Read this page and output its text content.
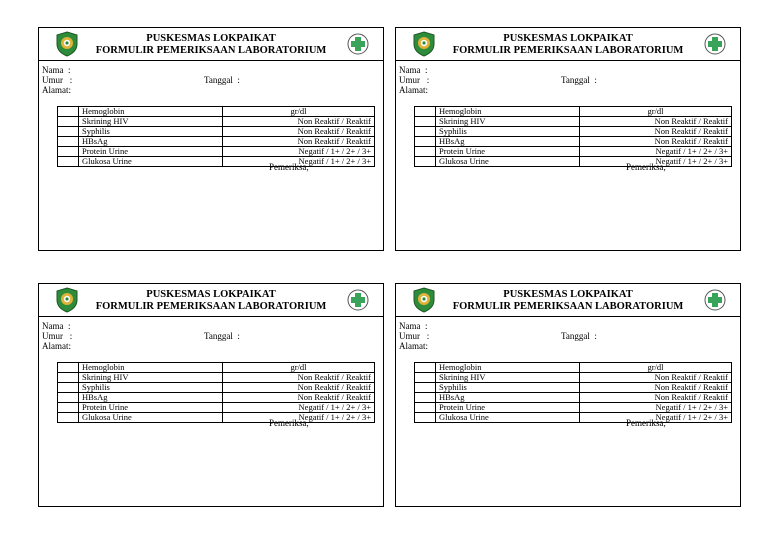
PUSKESMAS LOKPAIKAT
FORMULIR PEMERIKSAAN LABORATORIUM
Nama  :
Umur   :	Tanggal  :
Alamat:
	Hemoglobin	gr/dl
	Skrining HIV	Non Reaktif / Reaktif
	Syphilis	Non Reaktif / Reaktif
	HBsAg	Non Reaktif / Reaktif
	Protein Urine	Negatif / 1+ / 2+ / 3+
	Glukosa Urine	Negatif / 1+ / 2+ / 3+
Pemeriksa,
PUSKESMAS LOKPAIKAT
FORMULIR PEMERIKSAAN LABORATORIUM
Nama  :
Umur   :	Tanggal  :
Alamat:
	Hemoglobin	gr/dl
	Skrining HIV	Non Reaktif / Reaktif
	Syphilis	Non Reaktif / Reaktif
	HBsAg	Non Reaktif / Reaktif
	Protein Urine	Negatif / 1+ / 2+ / 3+
	Glukosa Urine	Negatif / 1+ / 2+ / 3+
Pemeriksa,
PUSKESMAS LOKPAIKAT
FORMULIR PEMERIKSAAN LABORATORIUM
Nama  :
Umur   :	Tanggal  :
Alamat:
	Hemoglobin	gr/dl
	Skrining HIV	Non Reaktif / Reaktif
	Syphilis	Non Reaktif / Reaktif
	HBsAg	Non Reaktif / Reaktif
	Protein Urine	Negatif / 1+ / 2+ / 3+
	Glukosa Urine	Negatif / 1+ / 2+ / 3+
Pemeriksa,
PUSKESMAS LOKPAIKAT
FORMULIR PEMERIKSAAN LABORATORIUM
Nama  :
Umur   :	Tanggal  :
Alamat:
	Hemoglobin	gr/dl
	Skrining HIV	Non Reaktif / Reaktif
	Syphilis	Non Reaktif / Reaktif
	HBsAg	Non Reaktif / Reaktif
	Protein Urine	Negatif / 1+ / 2+ / 3+
	Glukosa Urine	Negatif / 1+ / 2+ / 3+
Pemeriksa,
